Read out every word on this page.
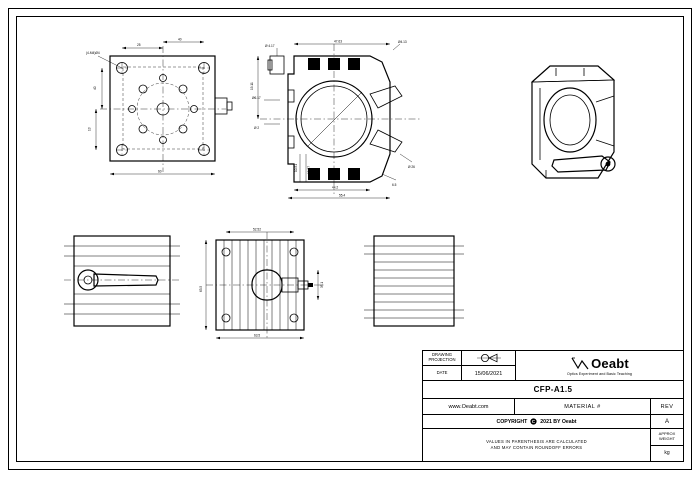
25
40
40
13
(4-M4)Ø4
60
47.63
Ø 4.17
Ø4.13
Ø6.17
Ø 2
Ø 26
19.11
10.51	13.77
44.2
55.4
6.5
52.52
63.5
63.5
38.1
DRAWING
PROJECTION
DATE	15/06/2021
Oeabt
Optics Experiment and Basic Teaching
CFP-A1.5
www.Oeabt.com	MATERIAL #	REV
COPYRIGHT C 2021 BY Oeabt	A
VALUES IN PARENTHESIS ARE CALCULATED
AND MAY CONTAIN ROUNDOFF ERRORS
APPROX
WEIGHT
kg
